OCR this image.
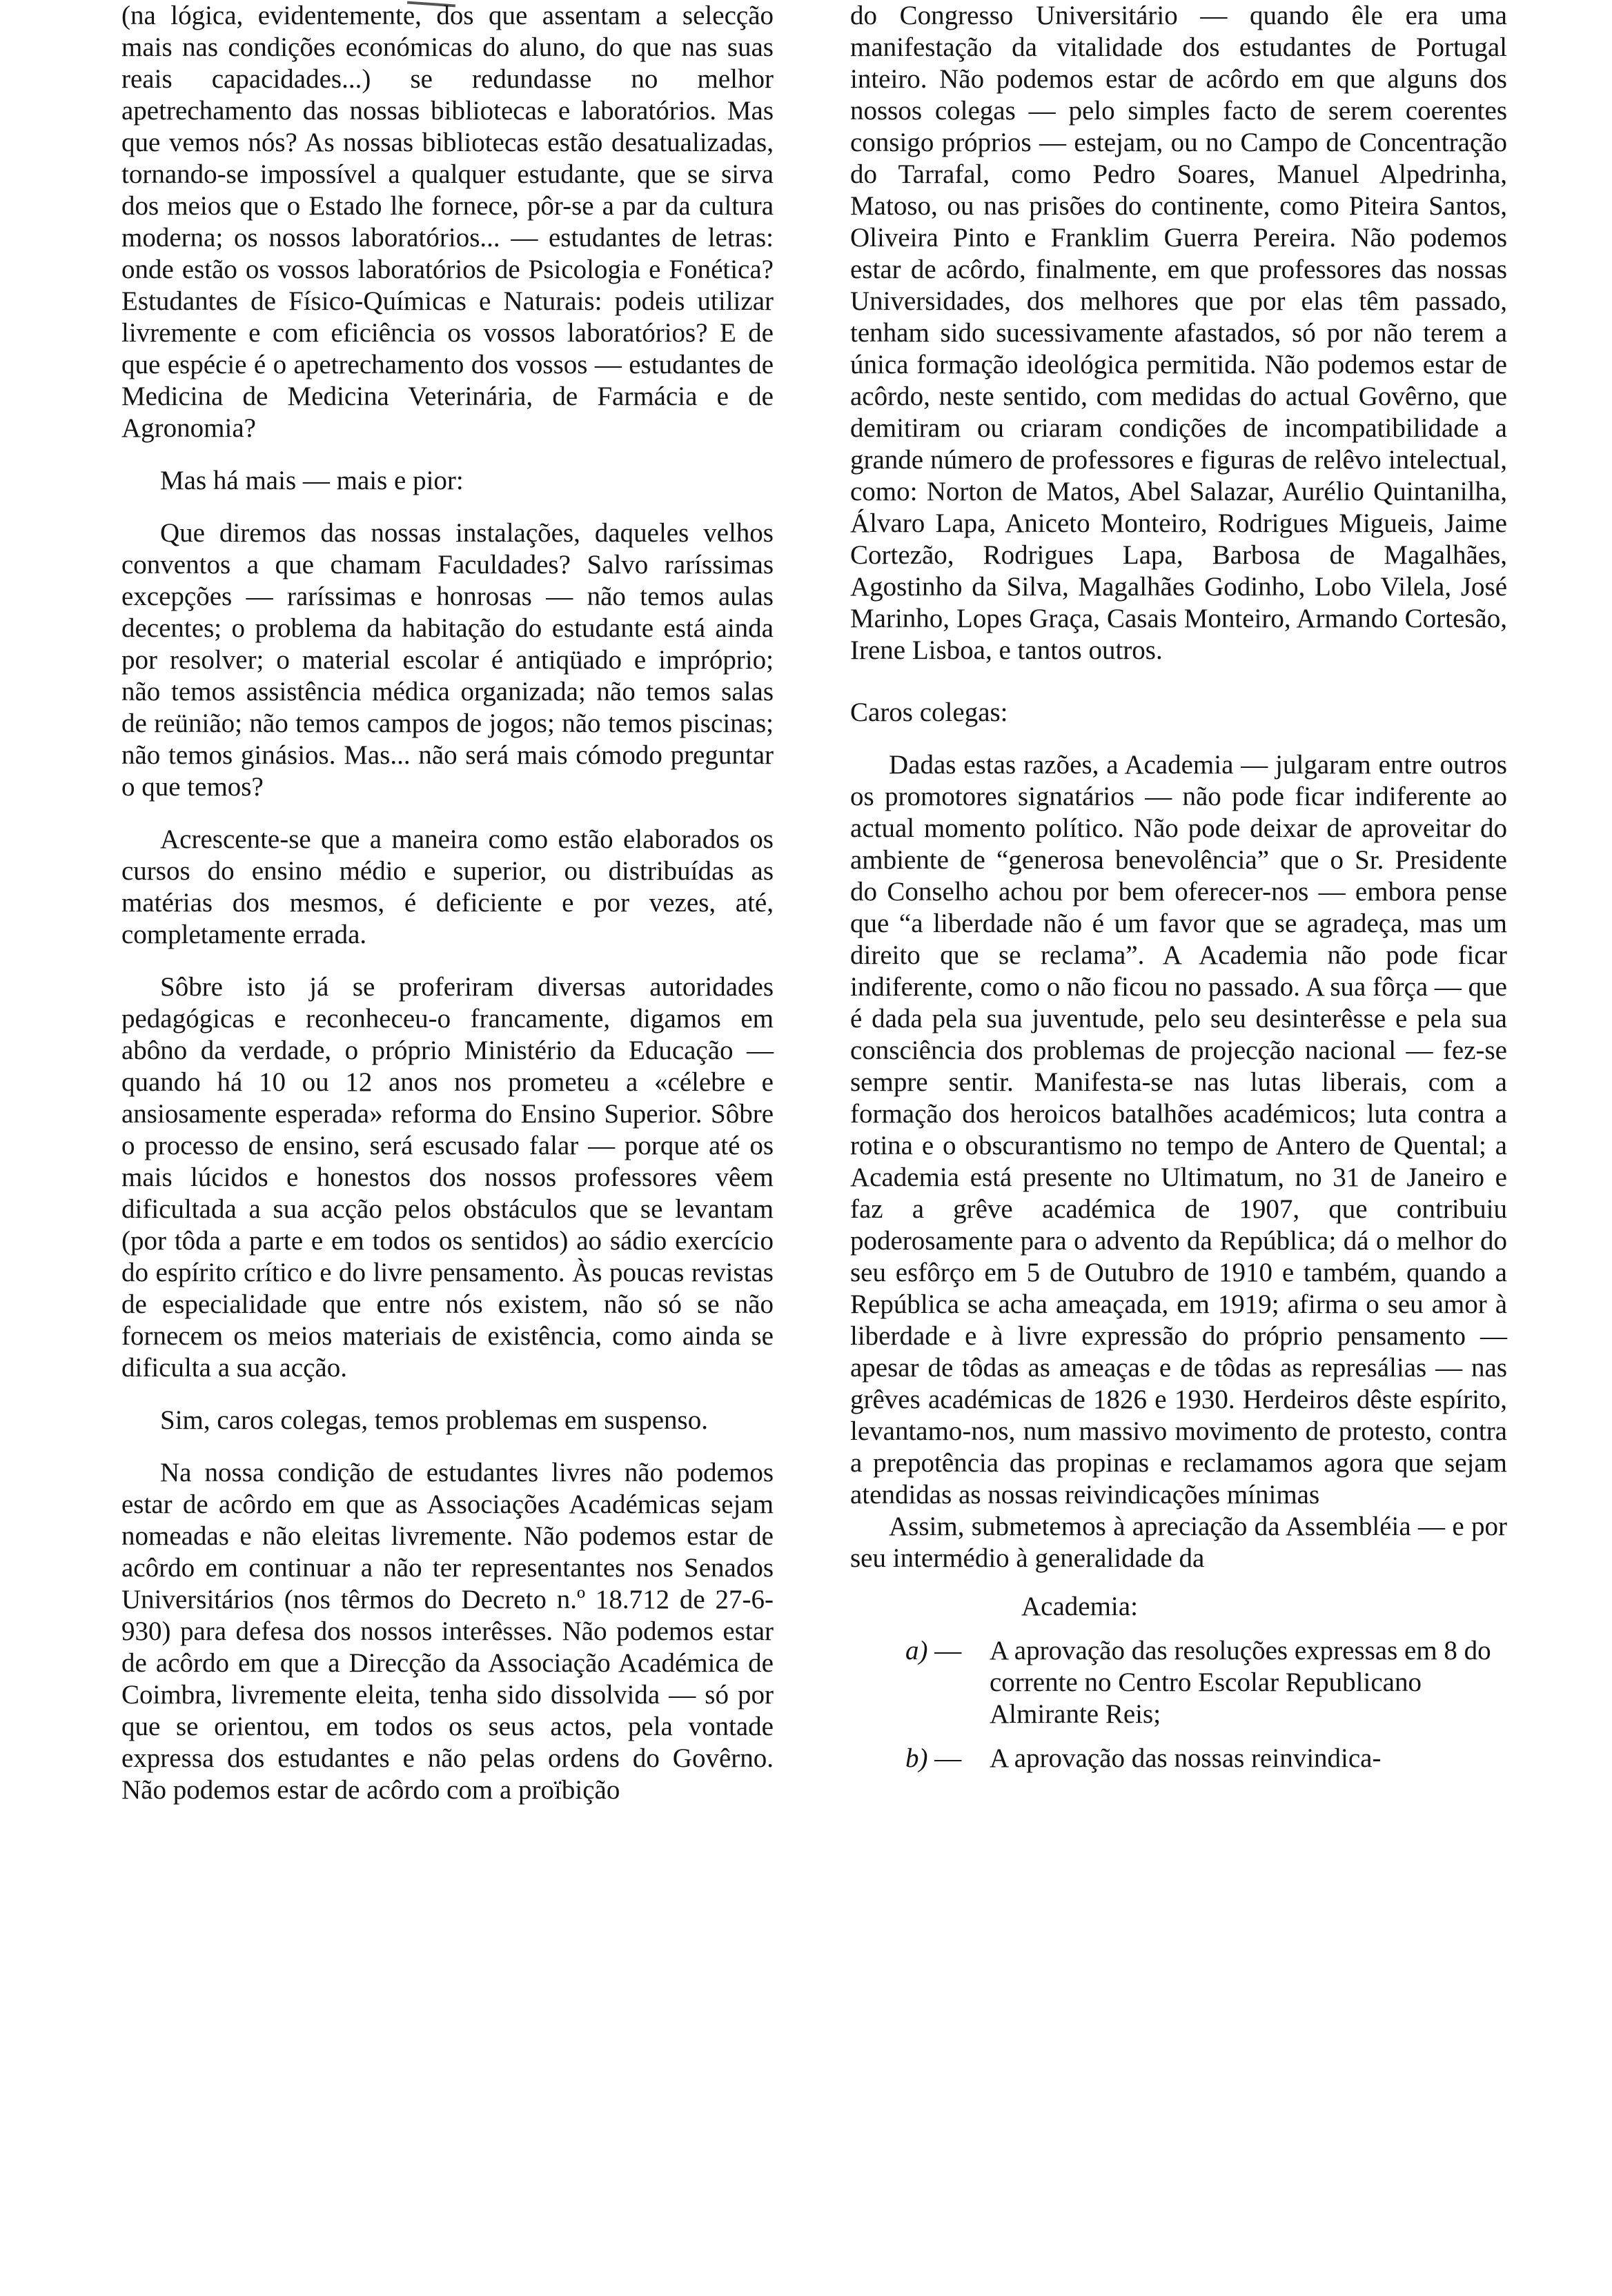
(na lógica, evidentemente, dos que assentam a selecção mais nas condições económicas do aluno, do que nas suas reais capacidades...) se redundasse no melhor apetrechamento das nossas bibliotecas e laboratórios. Mas que vemos nós? As nossas bibliotecas estão desatualizadas, tornando-se impossível a qualquer estudante, que se sirva dos meios que o Estado lhe fornece, pôr-se a par da cultura moderna; os nossos laboratórios... — estudantes de letras: onde estão os vossos laboratórios de Psicologia e Fonética? Estudantes de Físico-Químicas e Naturais: podeis utilizar livremente e com eficiência os vossos laboratórios? E de que espécie é o apetrechamento dos vossos — estudantes de Medicina de Medicina Veterinária, de Farmácia e de Agronomia?

Mas há mais — mais e pior:

Que diremos das nossas instalações, daqueles velhos conventos a que chamam Faculdades? Salvo raríssimas excepções — raríssimas e honrosas — não temos aulas decentes; o problema da habitação do estudante está ainda por resolver; o material escolar é antiqüado e impróprio; não temos assistência médica organizada; não temos salas de reünião; não temos campos de jogos; não temos piscinas; não temos ginásios. Mas... não será mais cómodo preguntar o que temos?

Acrescente-se que a maneira como estão elaborados os cursos do ensino médio e superior, ou distribuídas as matérias dos mesmos, é deficiente e por vezes, até, completamente errada.

Sôbre isto já se proferiram diversas autoridades pedagógicas e reconheceu-o francamente, digamos em abôno da verdade, o próprio Ministério da Educação — quando há 10 ou 12 anos nos prometeu a «célebre e ansiosamente esperada» reforma do Ensino Superior. Sôbre o processo de ensino, será escusado falar — porque até os mais lúcidos e honestos dos nossos professores vêem dificultada a sua acção pelos obstáculos que se levantam (por tôda a parte e em todos os sentidos) ao sádio exercício do espírito crítico e do livre pensamento. Às poucas revistas de especialidade que entre nós existem, não só se não fornecem os meios materiais de existência, como ainda se dificulta a sua acção.

Sim, caros colegas, temos problemas em suspenso.

Na nossa condição de estudantes livres não podemos estar de acôrdo em que as Associações Académicas sejam nomeadas e não eleitas livremente. Não podemos estar de acôrdo em continuar a não ter representantes nos Senados Universitários (nos têrmos do Decreto n.º 18.712 de 27-6-930) para defesa dos nossos interêsses. Não podemos estar de acôrdo em que a Direcção da Associação Académica de Coimbra, livremente eleita, tenha sido dissolvida — só por que se orientou, em todos os seus actos, pela vontade expressa dos estudantes e não pelas ordens do Govêrno. Não podemos estar de acôrdo com a proïbição

do Congresso Universitário — quando êle era uma manifestação da vitalidade dos estudantes de Portugal inteiro. Não podemos estar de acôrdo em que alguns dos nossos colegas — pelo simples facto de serem coerentes consigo próprios — estejam, ou no Campo de Concentração do Tarrafal, como Pedro Soares, Manuel Alpedrinha, Matoso, ou nas prisões do continente, como Piteira Santos, Oliveira Pinto e Franklim Guerra Pereira. Não podemos estar de acôrdo, finalmente, em que professores das nossas Universidades, dos melhores que por elas têm passado, tenham sido sucessivamente afastados, só por não terem a única formação ideológica permitida. Não podemos estar de acôrdo, neste sentido, com medidas do actual Govêrno, que demitiram ou criaram condições de incompatibilidade a grande número de professores e figuras de relêvo intelectual, como: Norton de Matos, Abel Salazar, Aurélio Quintanilha, Álvaro Lapa, Aniceto Monteiro, Rodrigues Migueis, Jaime Cortezão, Rodrigues Lapa, Barbosa de Magalhães, Agostinho da Silva, Magalhães Godinho, Lobo Vilela, José Marinho, Lopes Graça, Casais Monteiro, Armando Cortesão, Irene Lisboa, e tantos outros.

Caros colegas:

Dadas estas razões, a Academia — julgaram entre outros os promotores signatários — não pode ficar indiferente ao actual momento político. Não pode deixar de aproveitar do ambiente de “generosa benevolência” que o Sr. Presidente do Conselho achou por bem oferecer-nos — embora pense que “a liberdade não é um favor que se agradeça, mas um direito que se reclama”. A Academia não pode ficar indiferente, como o não ficou no passado. A sua fôrça — que é dada pela sua juventude, pelo seu desinterêsse e pela sua consciência dos problemas de projecção nacional — fez-se sempre sentir. Manifesta-se nas lutas liberais, com a formação dos heroicos batalhões académicos; luta contra a rotina e o obscurantismo no tempo de Antero de Quental; a Academia está presente no Ultimatum, no 31 de Janeiro e faz a grêve académica de 1907, que contribuiu poderosamente para o advento da República; dá o melhor do seu esfôrço em 5 de Outubro de 1910 e também, quando a República se acha ameaçada, em 1919; afirma o seu amor à liberdade e à livre expressão do próprio pensamento — apesar de tôdas as ameaças e de tôdas as represálias — nas grêves académicas de 1826 e 1930. Herdeiros dêste espírito, levantamo-nos, num massivo movimento de protesto, contra a prepotência das propinas e reclamamos agora que sejam atendidas as nossas reivindicações mínimas

Assim, submetemos à apreciação da Assembléia — e por seu intermédio à generalidade da

Academia:

a) — A aprovação das resoluções expressas em 8 do corrente no Centro Escolar Republicano Almirante Reis;

b) — A aprovação das nossas reinvindica-
